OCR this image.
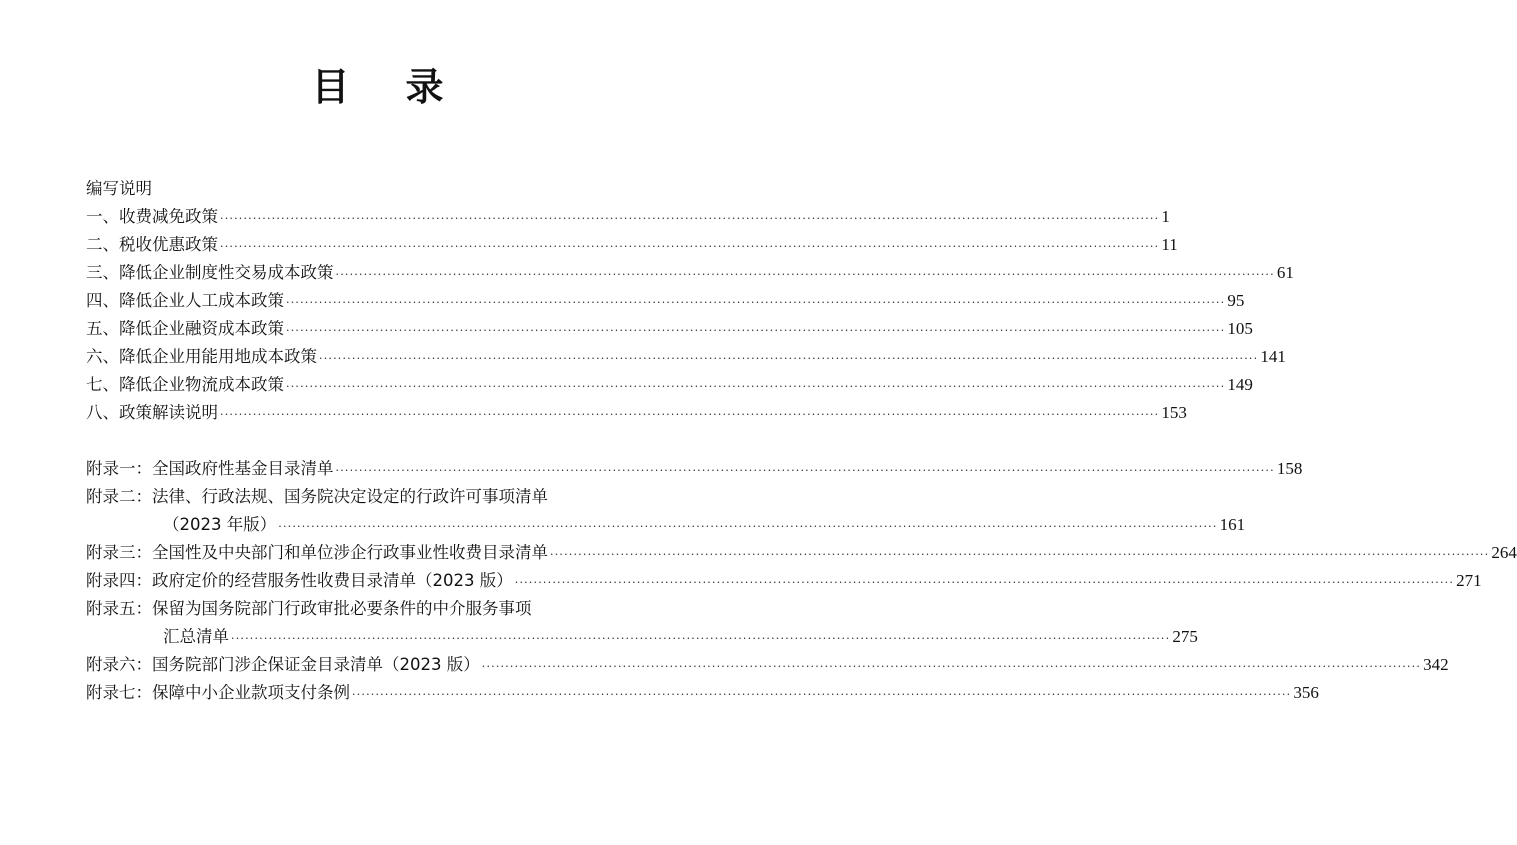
目 录
编写说明
一、收费减免政策 ········································································································································································································ 1
二、税收优惠政策 ········································································································································································································ 11
三、降低企业制度性交易成本政策 ········································································································································································································ 61
四、降低企业人工成本政策 ········································································································································································································ 95
五、降低企业融资成本政策 ········································································································································································································ 105
六、降低企业用能用地成本政策 ········································································································································································································ 141
七、降低企业物流成本政策 ········································································································································································································ 149
八、政策解读说明 ········································································································································································································ 153
附录一：全国政府性基金目录清单 ········································································································································································································ 158
附录二：法律、行政法规、国务院决定设定的行政许可事项清单
（2023 年版） ········································································································································································································ 161
附录三：全国性及中央部门和单位涉企行政事业性收费目录清单 ········································································································································································································ 264
附录四：政府定价的经营服务性收费目录清单（2023 版） ········································································································································································································ 271
附录五：保留为国务院部门行政审批必要条件的中介服务事项
汇总清单 ········································································································································································································ 275
附录六：国务院部门涉企保证金目录清单（2023 版） ········································································································································································································ 342
附录七：保障中小企业款项支付条例 ········································································································································································································ 356
